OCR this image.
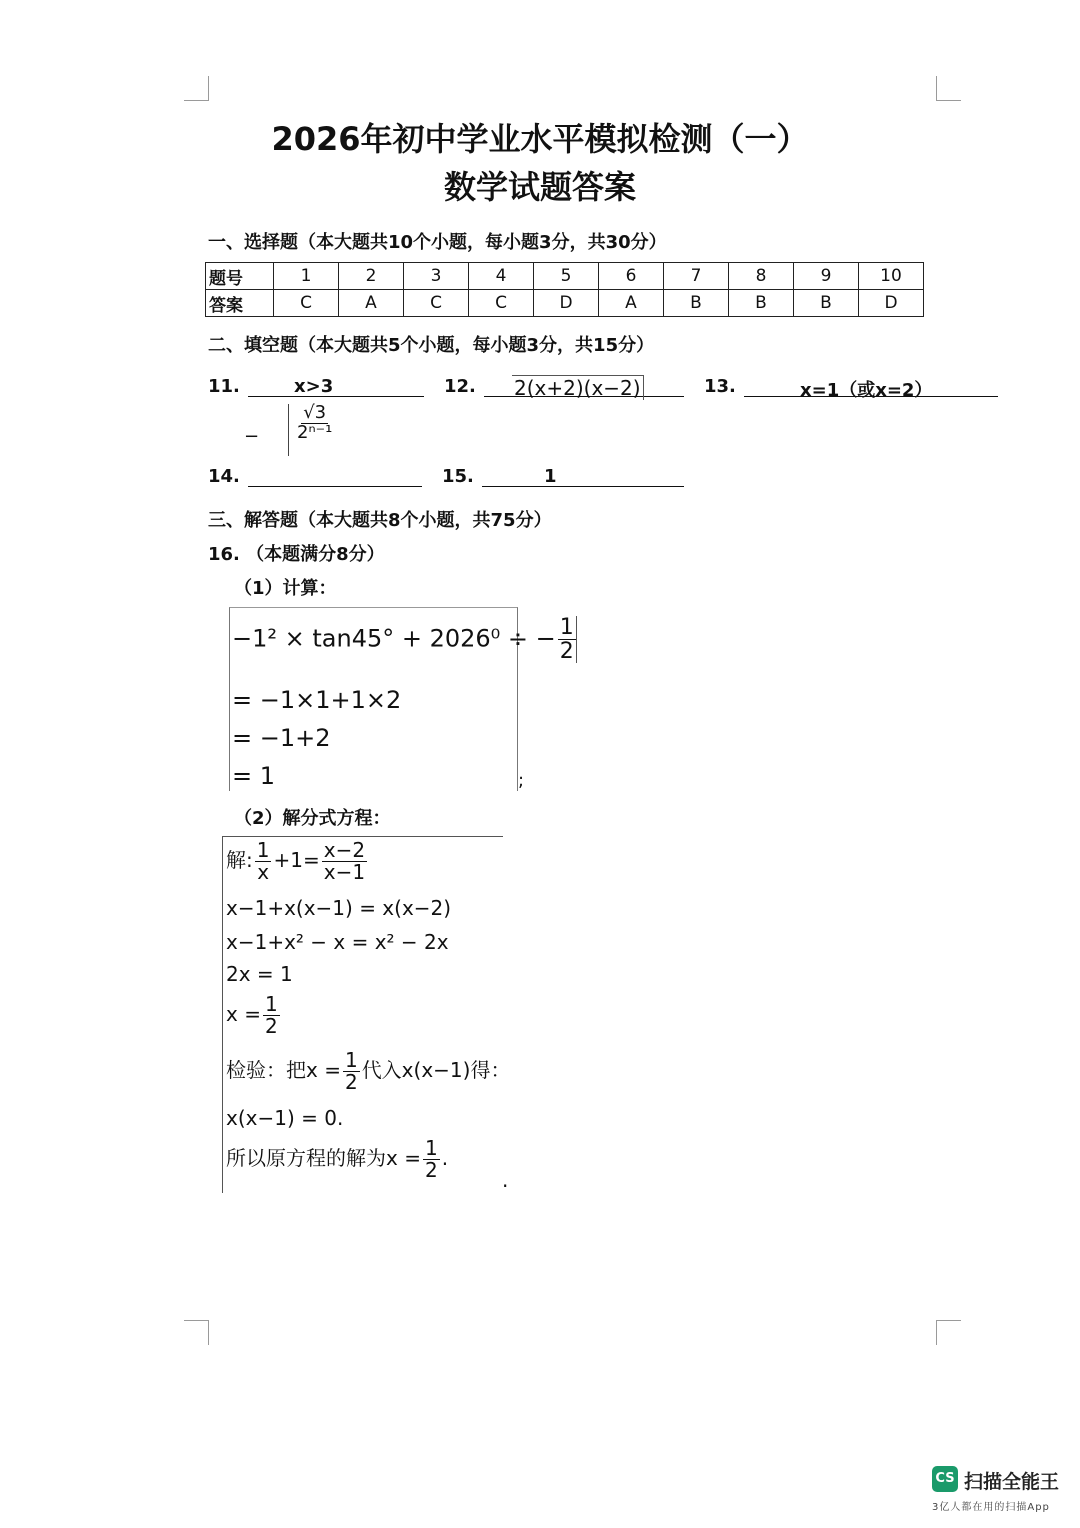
2026年初中学业水平模拟检测（一）
数学试题答案
一、选择题（本大题共10个小题，每小题3分，共30分）
题号	1	2	3	4	5	6	7	8	9	10
答案	C	A	C	C	D	A	B	B	B	D
二、填空题（本大题共5个小题，每小题3分，共15分）
11.	x>3	12. 2(x+2)(x−2)	13.	x=1（或x=2）
− $\frac{√3}{\text{2ⁿ⁻¹}}$
14.	15.	1
三、解答题（本大题共8个小题，共75分）
16. （本题满分8分）
（1）计算：
−1² × tan45° + 2026⁰ ÷ − $\frac{1}{2}$
= −1×1+1×2
= −1+2
= 1	;
（2）解分式方程：
解: $\frac{1}{x} +1= \frac{x-2}{x-1}$
x−1+x(x−1) = x(x−2)
x−1+x² − x = x² − 2x
2x = 1
$x = \frac{1}{2}$
检验：把$x = \frac{1}{2}$ 代入x(x−1)得：
x(x−1) = 0.
所以原方程的解为$x = \frac{1}{2}$ .
.
CS 扫描全能王
3亿人都在用的扫描App
